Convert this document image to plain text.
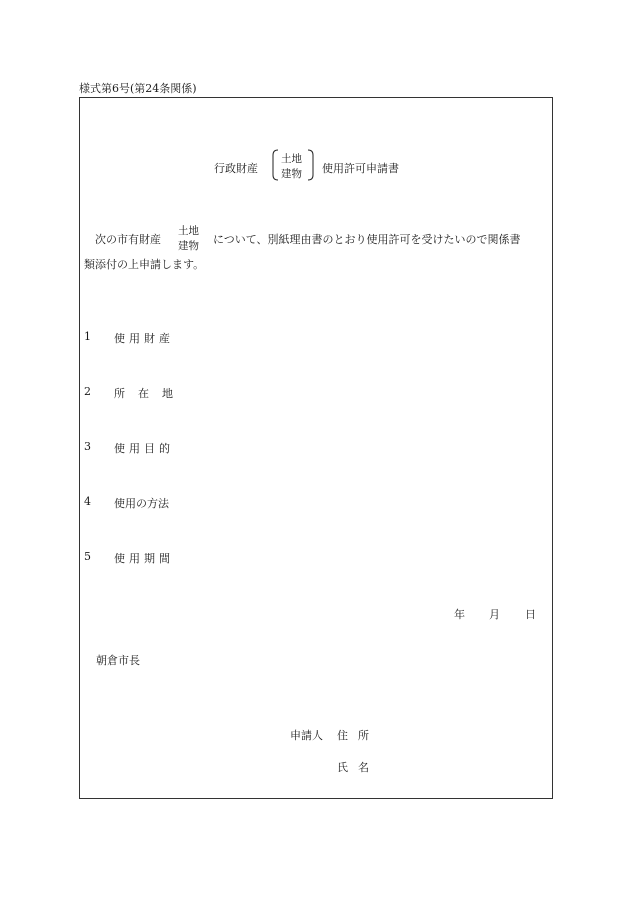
様式第6号(第24条関係)
行政財産
土地
建物 使用許可申請書
次の市有財産
土地
建物 について、別紙理由書のとおり使用許可を受けたいので関係書
類添付の上申請します。
1 使用財産
2 所在地
3 使用目的
4 使用の方法
5 使用期間
年 月 日
朝倉市長
申請人 住所
氏名
